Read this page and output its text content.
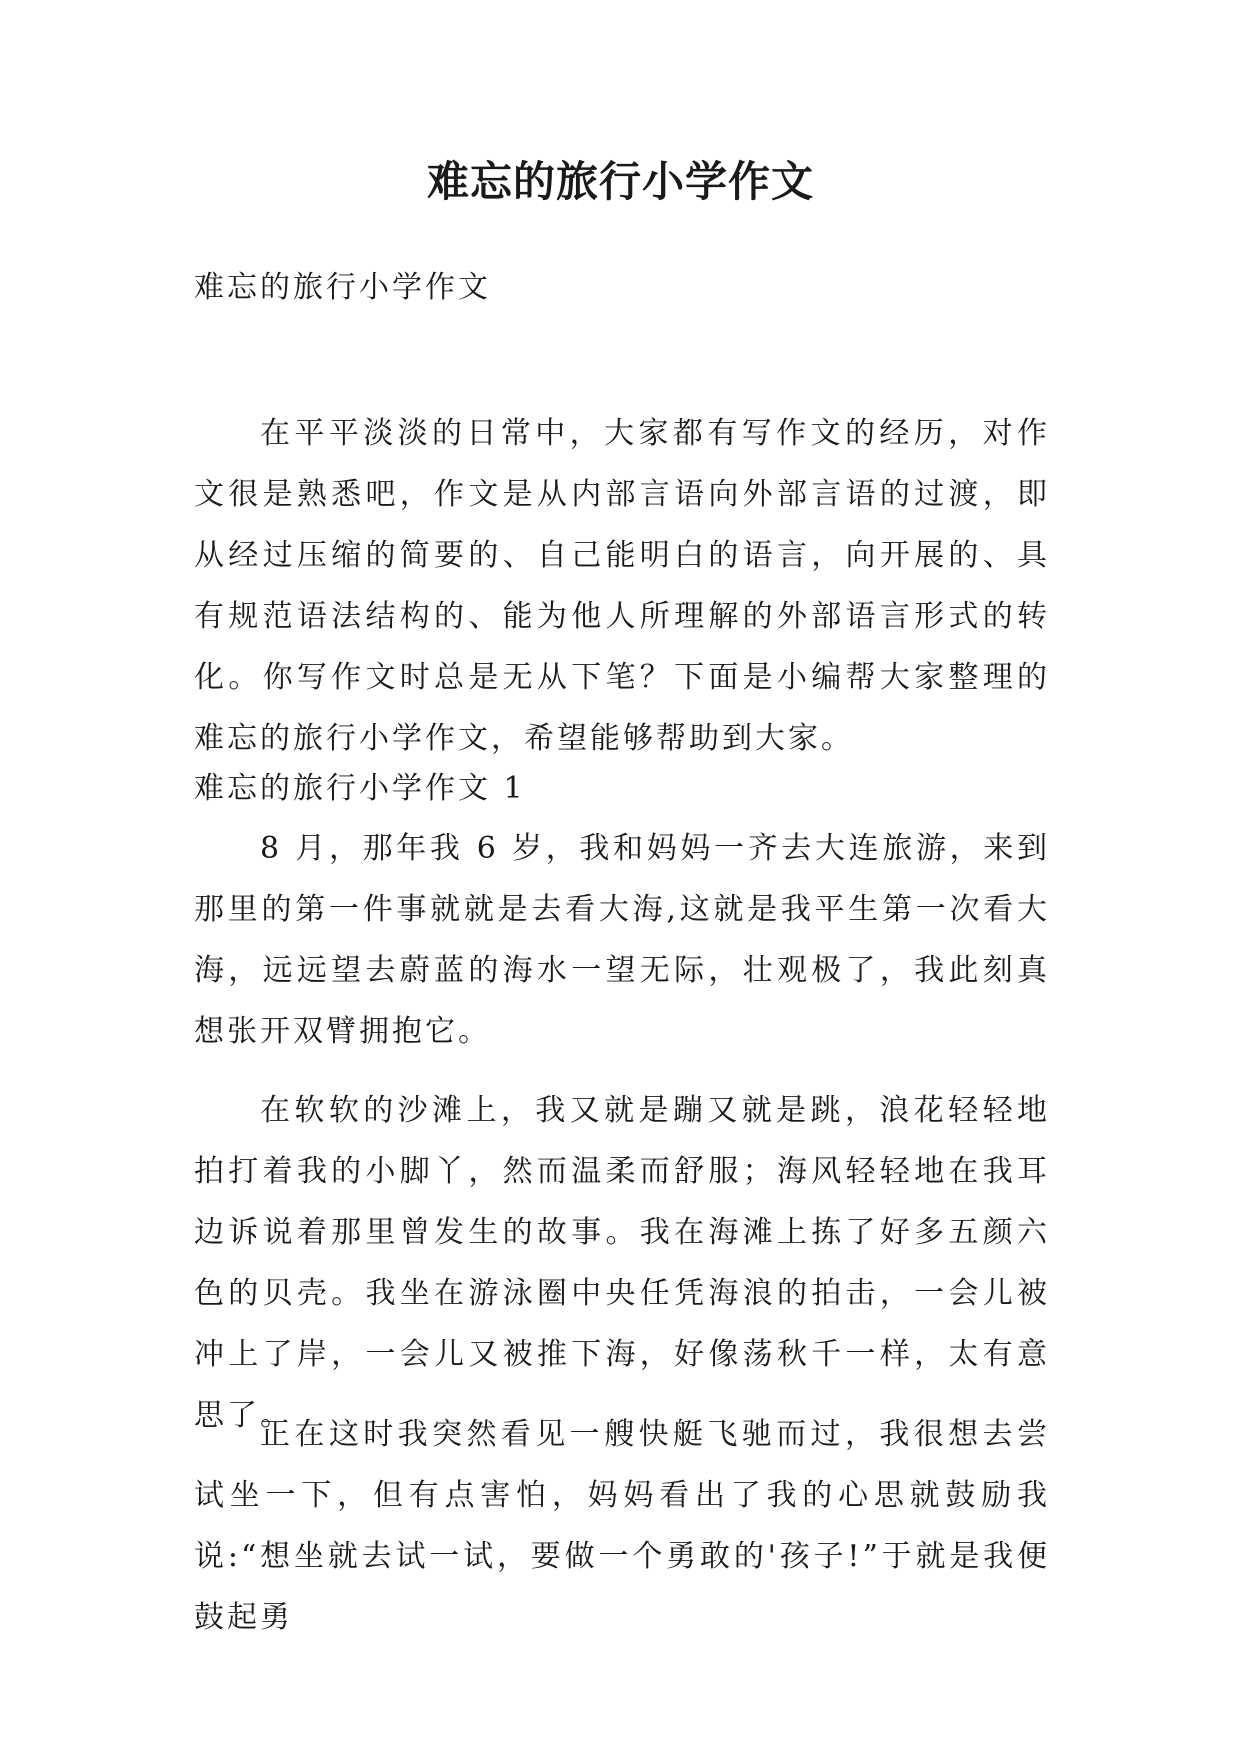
难忘的旅行小学作文

难忘的旅行小学作文

在平平淡淡的日常中，大家都有写作文的经历，对作文很是熟悉吧，作文是从内部言语向外部言语的过渡，即从经过压缩的简要的、自己能明白的语言，向开展的、具有规范语法结构的、能为他人所理解的外部语言形式的转化。你写作文时总是无从下笔？下面是小编帮大家整理的难忘的旅行小学作文，希望能够帮助到大家。

难忘的旅行小学作文 1

8 月，那年我 6 岁，我和妈妈一齐去大连旅游，来到那里的第一件事就就是去看大海,这就是我平生第一次看大海，远远望去蔚蓝的海水一望无际，壮观极了，我此刻真想张开双臂拥抱它。

在软软的沙滩上，我又就是蹦又就是跳，浪花轻轻地拍打着我的小脚丫，然而温柔而舒服；海风轻轻地在我耳边诉说着那里曾发生的故事。我在海滩上拣了好多五颜六色的贝壳。我坐在游泳圈中央任凭海浪的拍击，一会儿被冲上了岸，一会儿又被推下海，好像荡秋千一样，太有意思了。

正在这时我突然看见一艘快艇飞驰而过，我很想去尝试坐一下，但有点害怕，妈妈看出了我的心思就鼓励我说:“想坐就去试一试，要做一个勇敢的'孩子!”于就是我便鼓起勇
